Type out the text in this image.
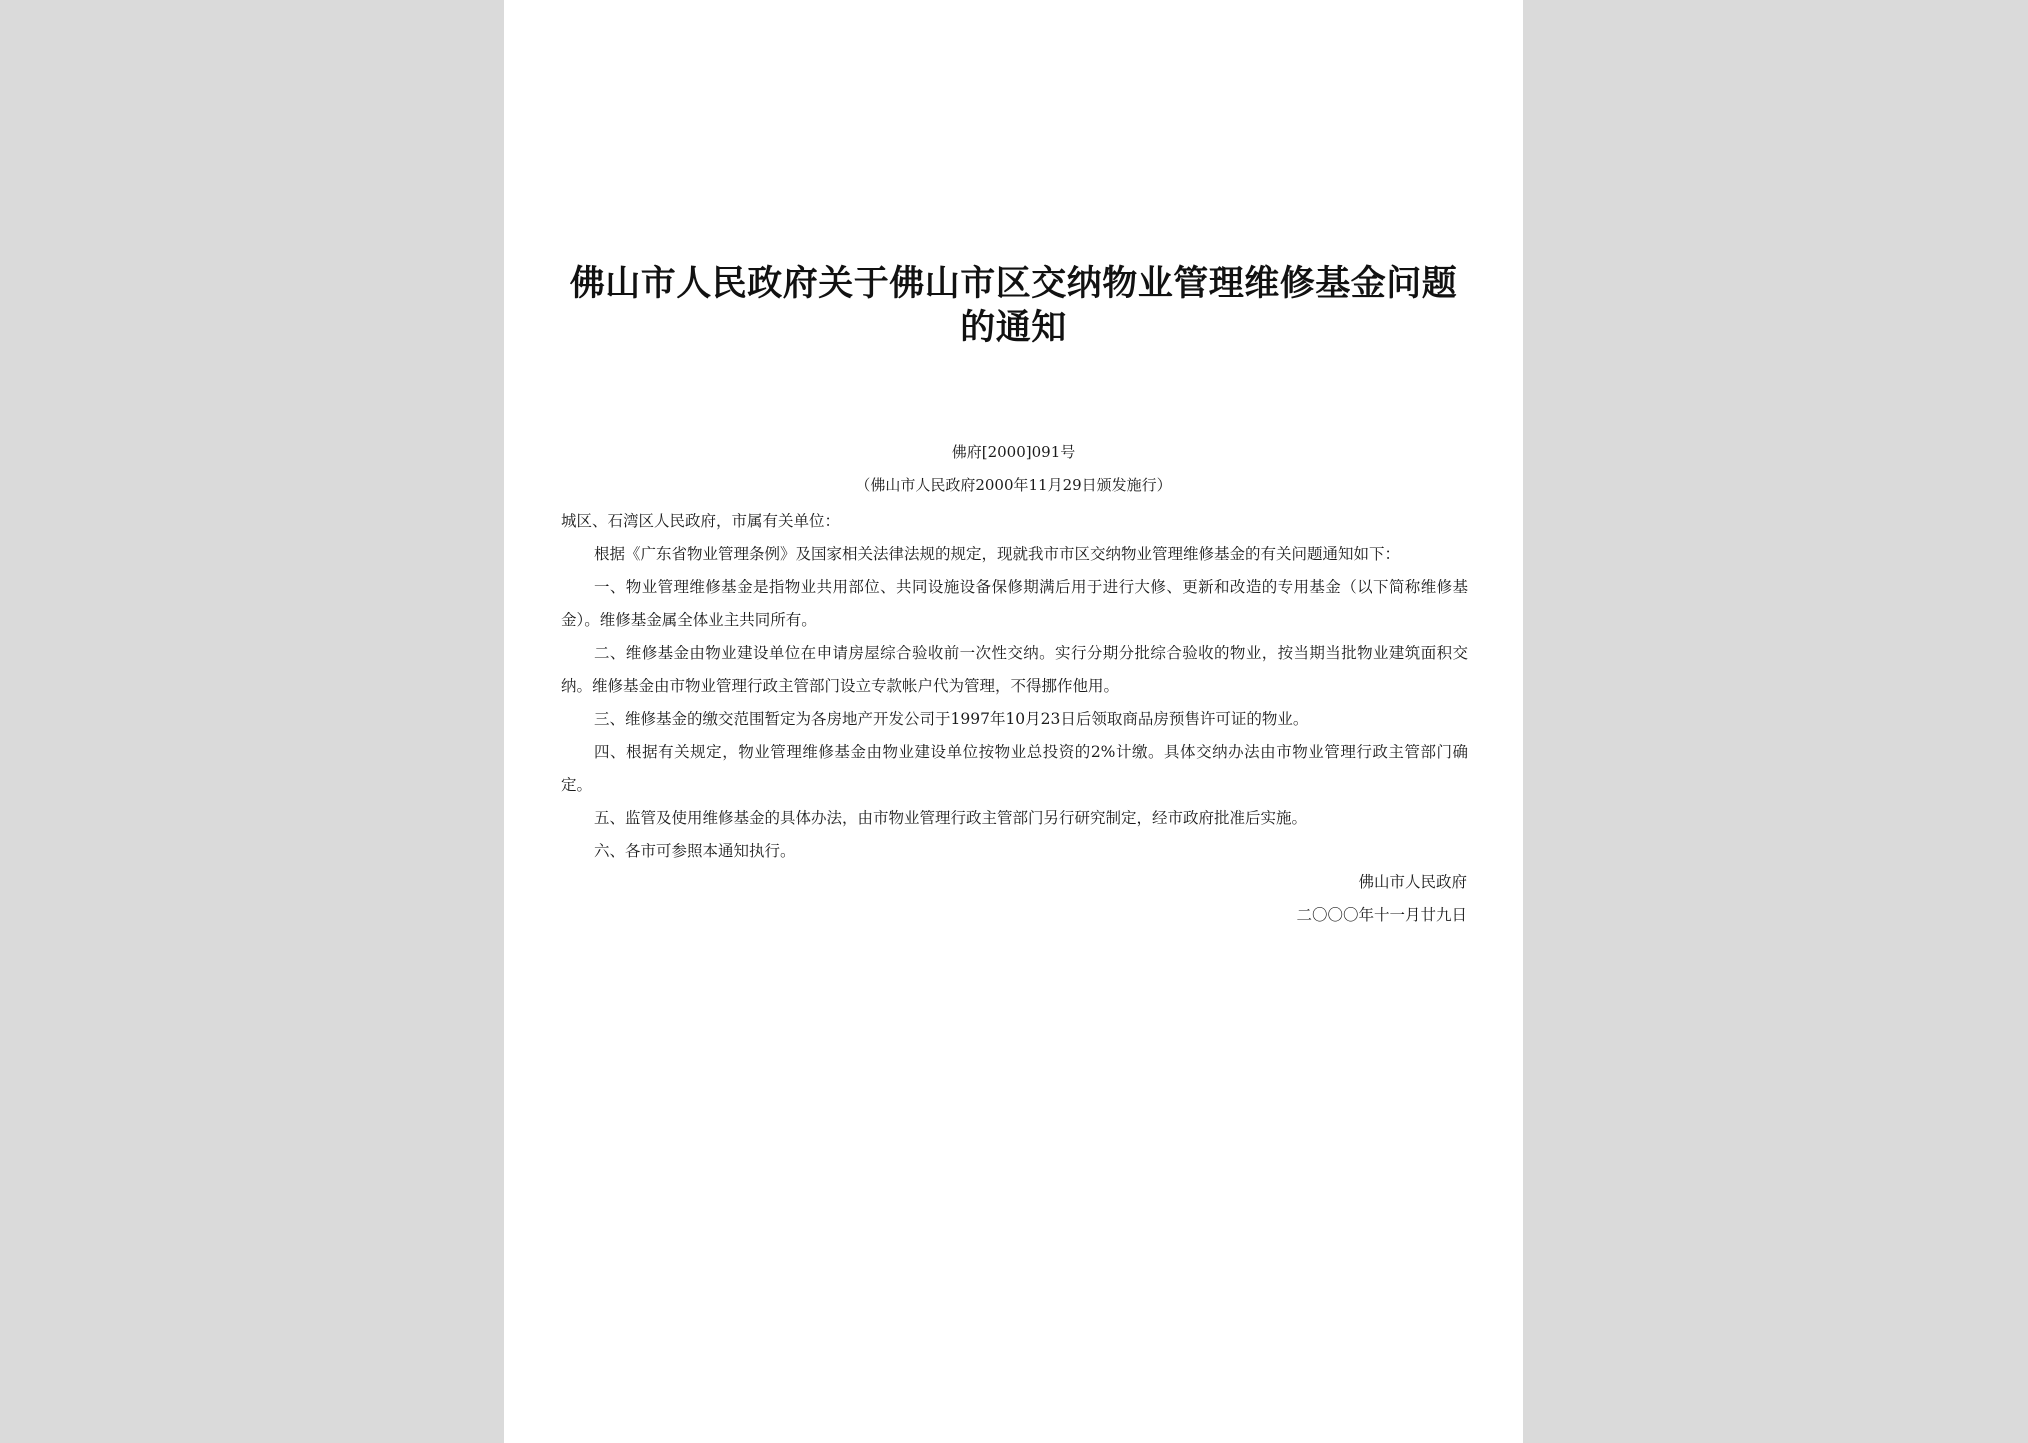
佛山市人民政府关于佛山市区交纳物业管理维修基金问题的通知
佛府[2000]091号
（佛山市人民政府2000年11月29日颁发施行）

城区、石湾区人民政府，市属有关单位：

根据《广东省物业管理条例》及国家相关法律法规的规定，现就我市市区交纳物业管理维修基金的有关问题通知如下：

一、物业管理维修基金是指物业共用部位、共同设施设备保修期满后用于进行大修、更新和改造的专用基金（以下简称维修基金）。维修基金属全体业主共同所有。

二、维修基金由物业建设单位在申请房屋综合验收前一次性交纳。实行分期分批综合验收的物业，按当期当批物业建筑面积交纳。维修基金由市物业管理行政主管部门设立专款帐户代为管理，不得挪作他用。

三、维修基金的缴交范围暂定为各房地产开发公司于1997年10月23日后领取商品房预售许可证的物业。

四、根据有关规定，物业管理维修基金由物业建设单位按物业总投资的2%计缴。具体交纳办法由市物业管理行政主管部门确定。

五、监管及使用维修基金的具体办法，由市物业管理行政主管部门另行研究制定，经市政府批准后实施。

六、各市可参照本通知执行。

佛山市人民政府
二〇〇〇年十一月廿九日
